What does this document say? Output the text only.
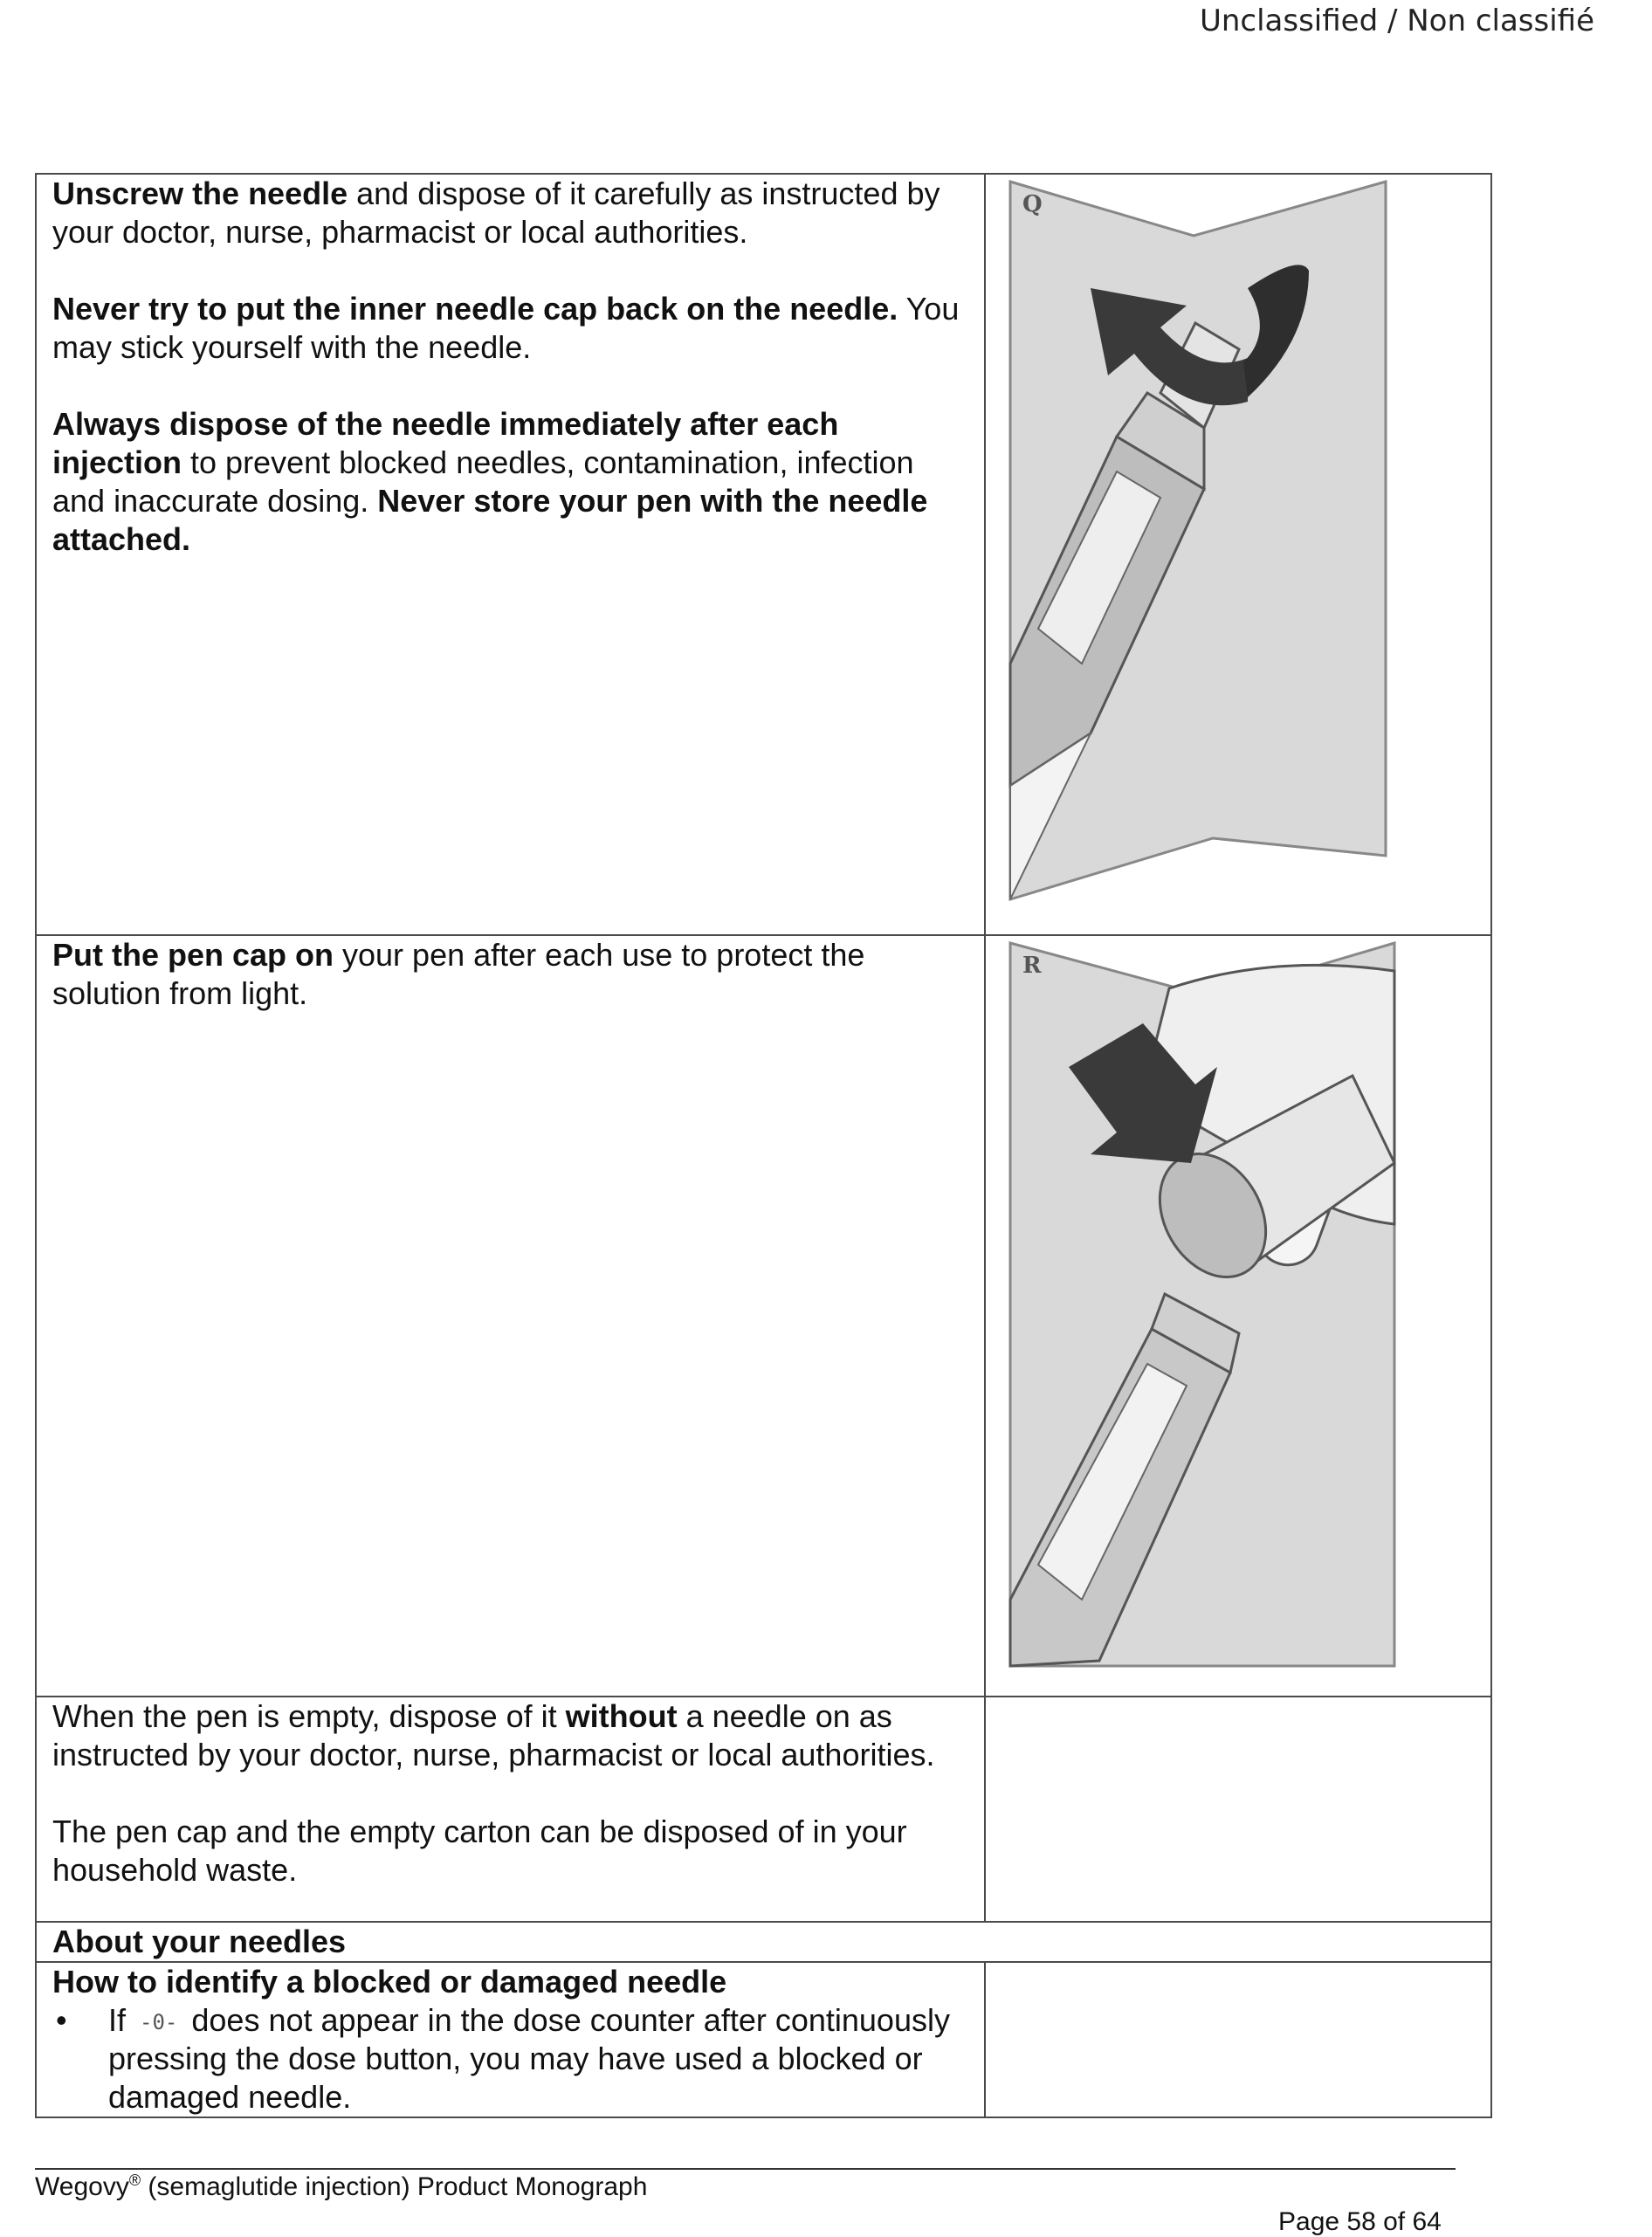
Unclassified / Non classifié

Unscrew the needle and dispose of it carefully as instructed by your doctor, nurse, pharmacist or local authorities.

Never try to put the inner needle cap back on the needle. You may stick yourself with the needle.

Always dispose of the needle immediately after each injection to prevent blocked needles, contamination, infection and inaccurate dosing. Never store your pen with the needle attached.	Q

Put the pen cap on your pen after each use to protect the solution from light.	R

When the pen is empty, dispose of it without a needle on as instructed by your doctor, nurse, pharmacist or local authorities.

The pen cap and the empty carton can be disposed of in your household waste.	

About your needles	

How to identify a blocked or damaged needle
• If -0- does not appear in the dose counter after continuously pressing the dose button, you may have used a blocked or damaged needle.	

Wegovy® (semaglutide injection) Product Monograph
Page 58 of 64
